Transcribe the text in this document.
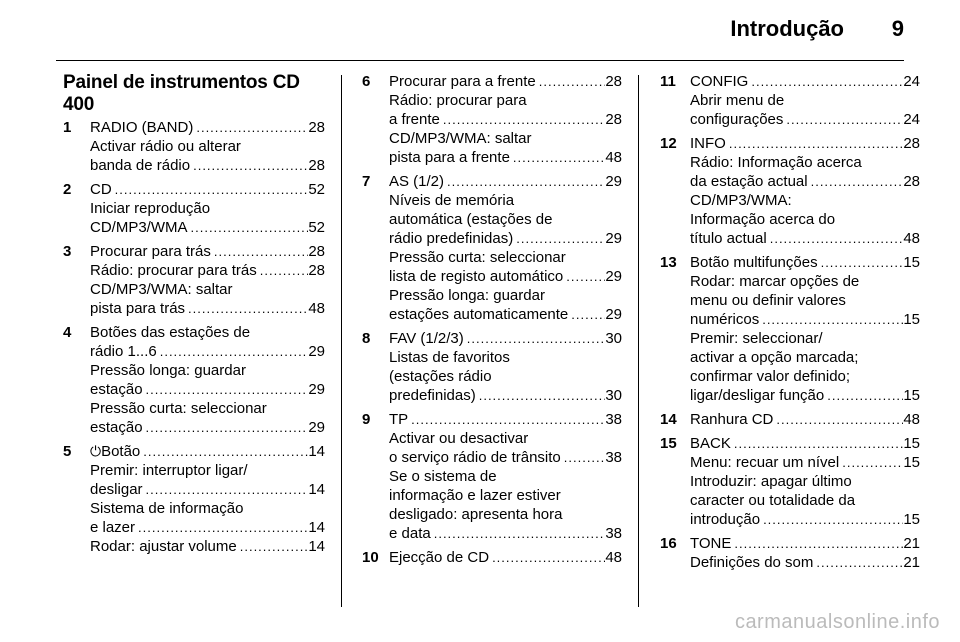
Introdução 9
Painel de instrumentos CD 400
1	RADIO (BAND) .....	28
Activar rádio ou alterar
banda de rádio .....	28
2	CD .....	52
Iniciar reprodução
CD/MP3/WMA .....	52
3	Procurar para trás .....	28
Rádio: procurar para trás .....	28
CD/MP3/WMA: saltar
pista para trás .....	48
4	Botões das estações de
rádio 1...6 .....	29
Pressão longa: guardar
estação .....	29
Pressão curta: seleccionar
estação .....	29
5	⏻Botão .....	14
Premir: interruptor ligar/
desligar .....	14
Sistema de informação
e lazer .....	14
Rodar: ajustar volume .....	14
6	Procurar para a frente .....	28
Rádio: procurar para
a frente .....	28
CD/MP3/WMA: saltar
pista para a frente .....	48
7	AS (1/2) .....	29
Níveis de memória
automática (estações de
rádio predefinidas) .....	29
Pressão curta: seleccionar
lista de registo automático .....	29
Pressão longa: guardar
estações automaticamente ..... 29
8	FAV (1/2/3) .....	30
Listas de favoritos
(estações rádio
predefinidas) .....	30
9	TP .....	38
Activar ou desactivar
o serviço rádio de trânsito .....	38
Se o sistema de
informação e lazer estiver
desligado: apresenta hora
e data .....	38
10 Ejecção de CD .....	48
11 CONFIG .....	24
Abrir menu de
configurações .....	24
12 INFO .....	28
Rádio: Informação acerca
da estação actual .....	28
CD/MP3/WMA:
Informação acerca do
título actual .....	48
13 Botão multifunções .....	15
Rodar: marcar opções de
menu ou definir valores
numéricos .....	15
Premir: seleccionar/
activar a opção marcada;
confirmar valor definido;
ligar/desligar função .....	15
14 Ranhura CD .....	48
15 BACK .....	15
Menu: recuar um nível .....	15
Introduzir: apagar último
caracter ou totalidade da
introdução .....	15
16 TONE .....	21
Definições do som .....	21
carmanualsonline.info
